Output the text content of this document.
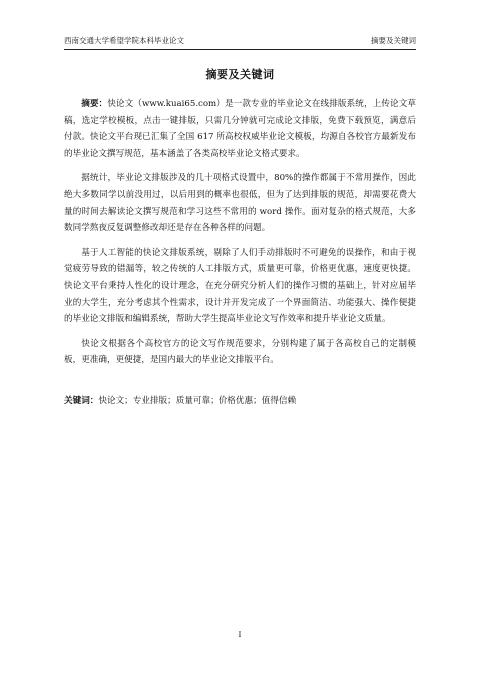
西南交通大学希望学院本科毕业论文	摘要及关键词
摘要及关键词

摘要：快论文（www.kuai65.com）是一款专业的毕业论文在线排版系统，上传论文草稿，选定学校模板，点击一键排版，只需几分钟就可完成论文排版，免费下载预览，满意后付款。快论文平台现已汇集了全国 617 所高校权威毕业论文模板，均源自各校官方最新发布的毕业论文撰写规范，基本涵盖了各类高校毕业论文格式要求。

据统计，毕业论文排版涉及的几十项格式设置中，80%的操作都属于不常用操作，因此绝大多数同学以前没用过，以后用到的概率也很低，但为了达到排版的规范，却需要花费大量的时间去解读论文撰写规范和学习这些不常用的 word 操作。面对复杂的格式规范，大多数同学熬夜反复调整修改却还是存在各种各样的问题。

基于人工智能的快论文排版系统，剔除了人们手动排版时不可避免的误操作，和由于视觉疲劳导致的错漏等，较之传统的人工排版方式，质量更可靠，价格更优惠，速度更快捷。快论文平台秉持人性化的设计理念，在充分研究分析人们的操作习惯的基础上，针对应届毕业的大学生，充分考虑其个性需求，设计并开发完成了一个界面简洁、功能强大、操作便捷的毕业论文排版和编辑系统，帮助大学生提高毕业论文写作效率和提升毕业论文质量。

快论文根据各个高校官方的论文写作规范要求，分别构建了属于各高校自己的定制模板，更准确，更便捷，是国内最大的毕业论文排版平台。

关键词：快论文；专业排版；质量可靠；价格优惠；值得信赖

I
